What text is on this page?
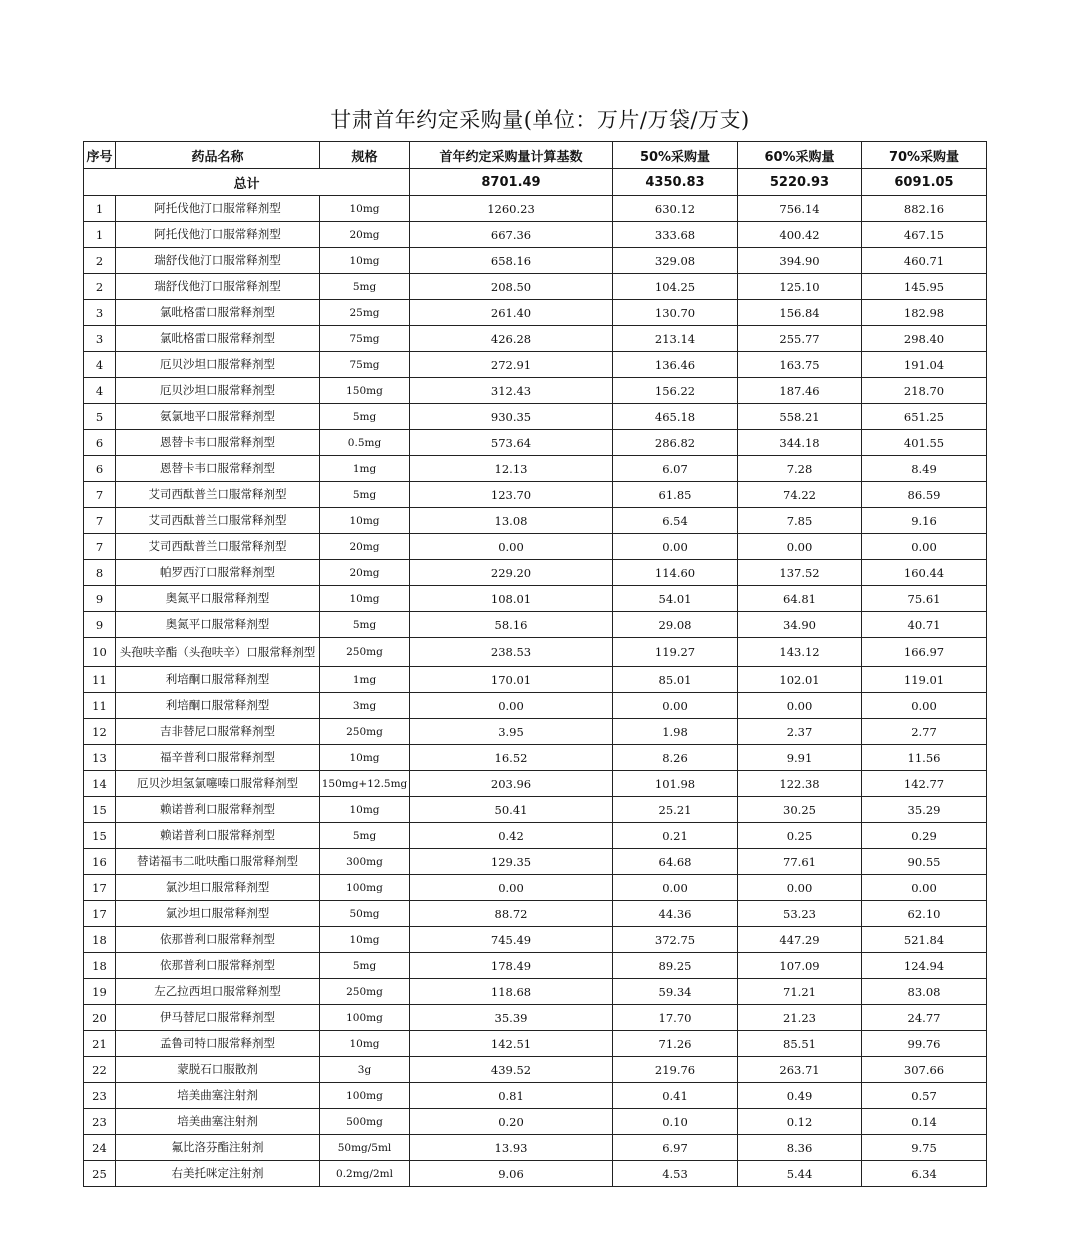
甘肃首年约定采购量(单位：万片/万袋/万支)
序号	药品名称	规格	首年约定采购量计算基数	50%采购量	60%采购量	70%采购量
总计			8701.49	4350.83	5220.93	6091.05
1	阿托伐他汀口服常释剂型	10mg	1260.23	630.12	756.14	882.16
1	阿托伐他汀口服常释剂型	20mg	667.36	333.68	400.42	467.15
2	瑞舒伐他汀口服常释剂型	10mg	658.16	329.08	394.90	460.71
2	瑞舒伐他汀口服常释剂型	5mg	208.50	104.25	125.10	145.95
3	氯吡格雷口服常释剂型	25mg	261.40	130.70	156.84	182.98
3	氯吡格雷口服常释剂型	75mg	426.28	213.14	255.77	298.40
4	厄贝沙坦口服常释剂型	75mg	272.91	136.46	163.75	191.04
4	厄贝沙坦口服常释剂型	150mg	312.43	156.22	187.46	218.70
5	氨氯地平口服常释剂型	5mg	930.35	465.18	558.21	651.25
6	恩替卡韦口服常释剂型	0.5mg	573.64	286.82	344.18	401.55
6	恩替卡韦口服常释剂型	1mg	12.13	6.07	7.28	8.49
7	艾司西酞普兰口服常释剂型	5mg	123.70	61.85	74.22	86.59
7	艾司西酞普兰口服常释剂型	10mg	13.08	6.54	7.85	9.16
7	艾司西酞普兰口服常释剂型	20mg	0.00	0.00	0.00	0.00
8	帕罗西汀口服常释剂型	20mg	229.20	114.60	137.52	160.44
9	奥氮平口服常释剂型	10mg	108.01	54.01	64.81	75.61
9	奥氮平口服常释剂型	5mg	58.16	29.08	34.90	40.71
10	头孢呋辛酯（头孢呋辛）口服常释剂型	250mg	238.53	119.27	143.12	166.97
11	利培酮口服常释剂型	1mg	170.01	85.01	102.01	119.01
11	利培酮口服常释剂型	3mg	0.00	0.00	0.00	0.00
12	吉非替尼口服常释剂型	250mg	3.95	1.98	2.37	2.77
13	福辛普利口服常释剂型	10mg	16.52	8.26	9.91	11.56
14	厄贝沙坦氢氯噻嗪口服常释剂型	150mg+12.5mg	203.96	101.98	122.38	142.77
15	赖诺普利口服常释剂型	10mg	50.41	25.21	30.25	35.29
15	赖诺普利口服常释剂型	5mg	0.42	0.21	0.25	0.29
16	替诺福韦二吡呋酯口服常释剂型	300mg	129.35	64.68	77.61	90.55
17	氯沙坦口服常释剂型	100mg	0.00	0.00	0.00	0.00
17	氯沙坦口服常释剂型	50mg	88.72	44.36	53.23	62.10
18	依那普利口服常释剂型	10mg	745.49	372.75	447.29	521.84
18	依那普利口服常释剂型	5mg	178.49	89.25	107.09	124.94
19	左乙拉西坦口服常释剂型	250mg	118.68	59.34	71.21	83.08
20	伊马替尼口服常释剂型	100mg	35.39	17.70	21.23	24.77
21	孟鲁司特口服常释剂型	10mg	142.51	71.26	85.51	99.76
22	蒙脱石口服散剂	3g	439.52	219.76	263.71	307.66
23	培美曲塞注射剂	100mg	0.81	0.41	0.49	0.57
23	培美曲塞注射剂	500mg	0.20	0.10	0.12	0.14
24	氟比洛芬酯注射剂	50mg/5ml	13.93	6.97	8.36	9.75
25	右美托咪定注射剂	0.2mg/2ml	9.06	4.53	5.44	6.34
